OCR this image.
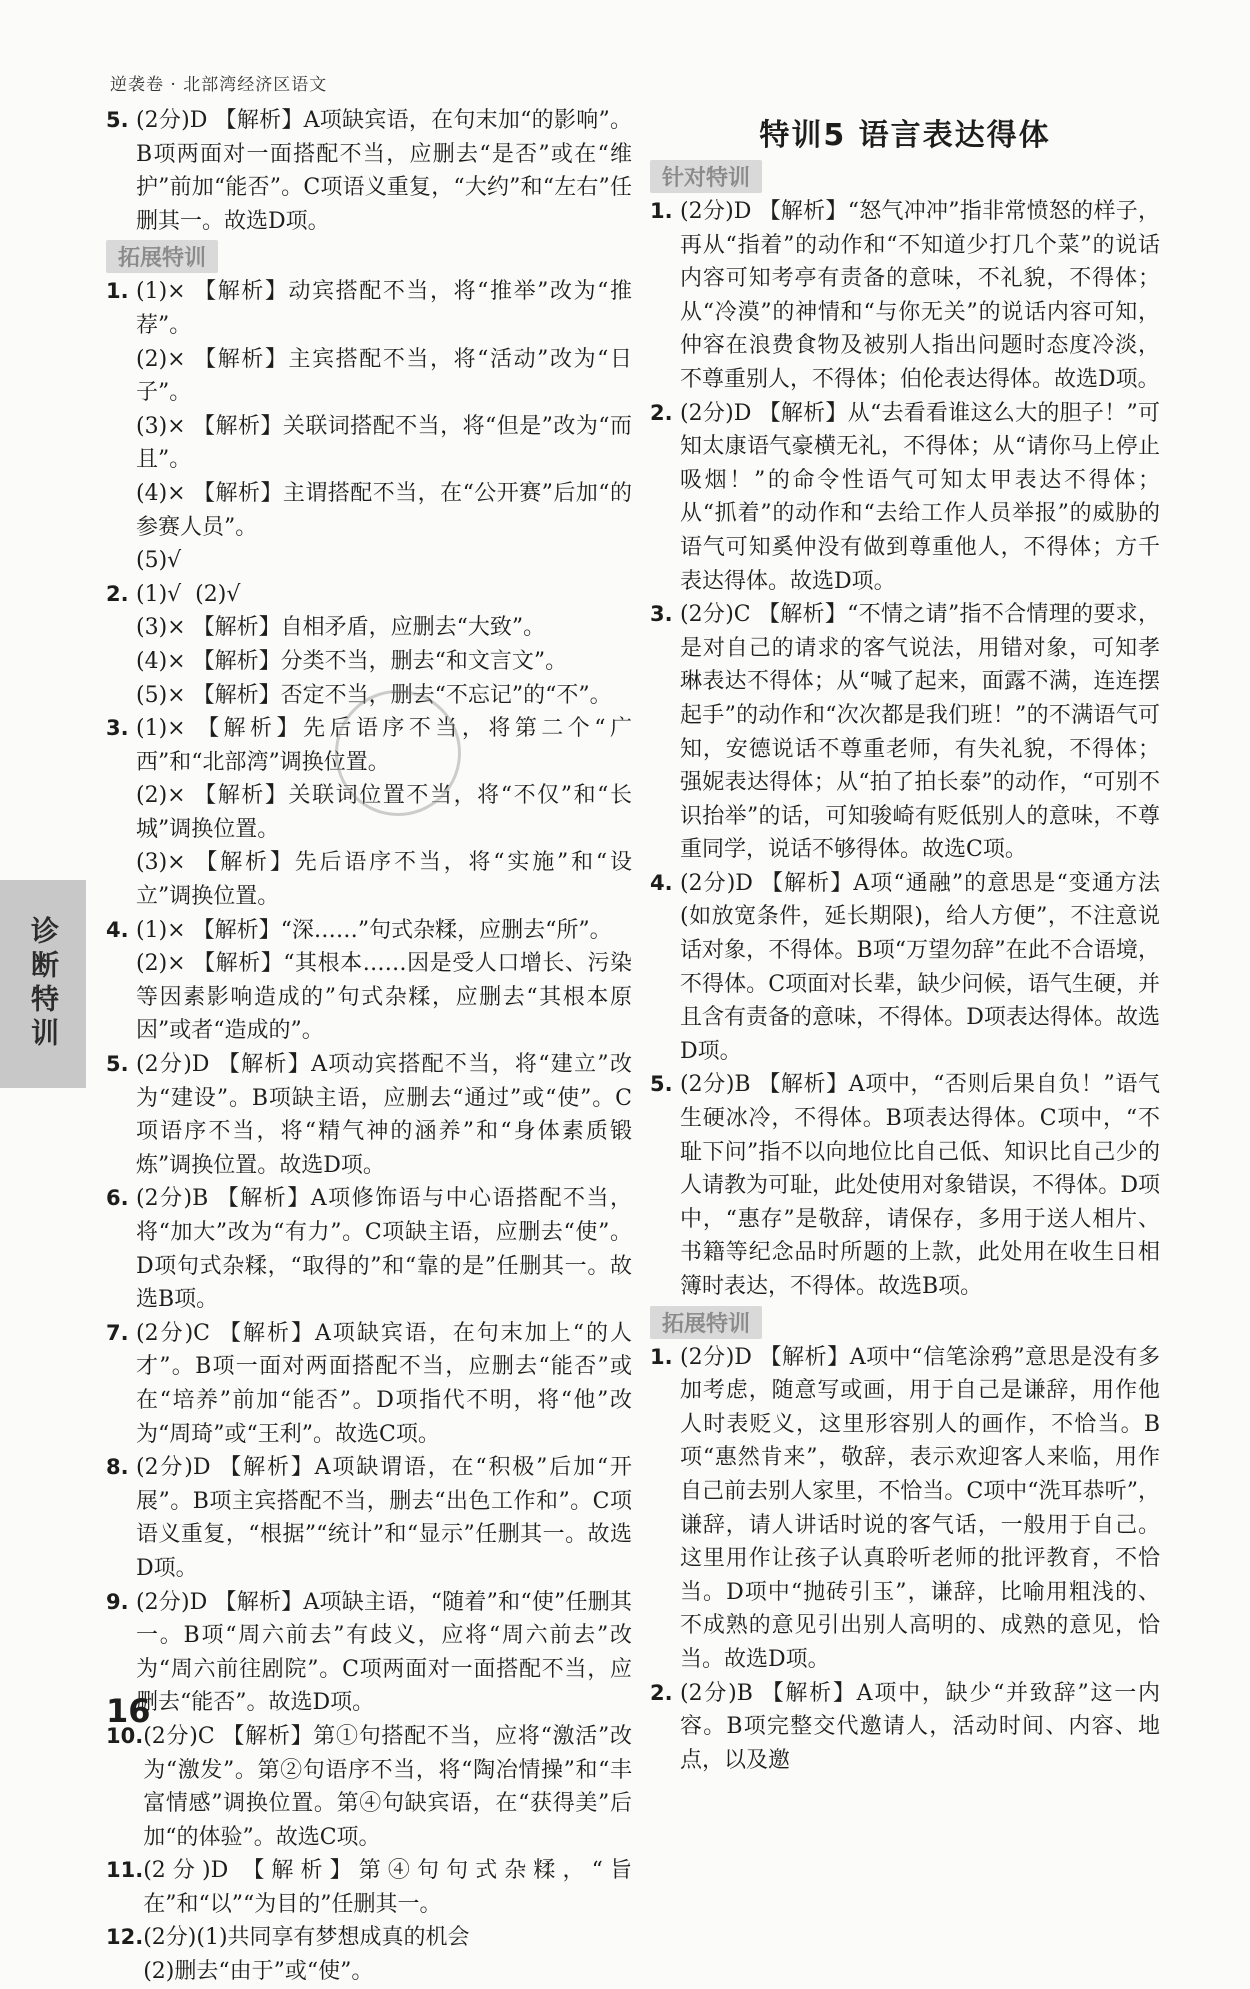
逆袭卷 · 北部湾经济区语文
5. (2分)D 【解析】A项缺宾语，在句末加“的影响”。B项两面对一面搭配不当，应删去“是否”或在“维护”前加“能否”。C项语义重复，“大约”和“左右”任删其一。故选D项。
拓展特训
1. (1)× 【解析】动宾搭配不当，将“推举”改为“推荐”。
(2)× 【解析】主宾搭配不当，将“活动”改为“日子”。
(3)× 【解析】关联词搭配不当，将“但是”改为“而且”。
(4)× 【解析】主谓搭配不当，在“公开赛”后加“的参赛人员”。
(5)√
2. (1)√  (2)√
(3)× 【解析】自相矛盾，应删去“大致”。
(4)× 【解析】分类不当，删去“和文言文”。
(5)× 【解析】否定不当，删去“不忘记”的“不”。
3. (1)× 【解析】先后语序不当，将第二个“广西”和“北部湾”调换位置。
(2)× 【解析】关联词位置不当，将“不仅”和“长城”调换位置。
(3)× 【解析】先后语序不当，将“实施”和“设立”调换位置。
4. (1)× 【解析】“深……”句式杂糅，应删去“所”。
(2)× 【解析】“其根本……因是受人口增长、污染等因素影响造成的”句式杂糅，应删去“其根本原因”或者“造成的”。
5. (2分)D 【解析】A项动宾搭配不当，将“建立”改为“建设”。B项缺主语，应删去“通过”或“使”。C项语序不当，将“精气神的涵养”和“身体素质锻炼”调换位置。故选D项。
6. (2分)B 【解析】A项修饰语与中心语搭配不当，将“加大”改为“有力”。C项缺主语，应删去“使”。D项句式杂糅，“取得的”和“靠的是”任删其一。故选B项。
7. (2分)C 【解析】A项缺宾语，在句末加上“的人才”。B项一面对两面搭配不当，应删去“能否”或在“培养”前加“能否”。D项指代不明，将“他”改为“周琦”或“王利”。故选C项。
8. (2分)D 【解析】A项缺谓语，在“积极”后加“开展”。B项主宾搭配不当，删去“出色工作和”。C项语义重复，“根据”“统计”和“显示”任删其一。故选D项。
9. (2分)D 【解析】A项缺主语，“随着”和“使”任删其一。B项“周六前去”有歧义，应将“周六前去”改为“周六前往剧院”。C项两面对一面搭配不当，应删去“能否”。故选D项。
10. (2分)C 【解析】第①句搭配不当，应将“激活”改为“激发”。第②句语序不当，将“陶冶情操”和“丰富情感”调换位置。第④句缺宾语，在“获得美”后加“的体验”。故选C项。
11. (2分)D 【解析】第④句句式杂糅，“旨在”和“以”“为目的”任删其一。
12. (2分)(1)共同享有梦想成真的机会
(2)删去“由于”或“使”。
特训5 语言表达得体
针对特训
1. (2分)D 【解析】“怒气冲冲”指非常愤怒的样子，再从“指着”的动作和“不知道少打几个菜”的说话内容可知考亭有责备的意味，不礼貌，不得体；从“冷漠”的神情和“与你无关”的说话内容可知，仲容在浪费食物及被别人指出问题时态度冷淡，不尊重别人，不得体；伯伦表达得体。故选D项。
2. (2分)D 【解析】从“去看看谁这么大的胆子！”可知太康语气豪横无礼，不得体；从“请你马上停止吸烟！”的命令性语气可知太甲表达不得体；从“抓着”的动作和“去给工作人员举报”的威胁的语气可知奚仲没有做到尊重他人，不得体；方千表达得体。故选D项。
3. (2分)C 【解析】“不情之请”指不合情理的要求，是对自己的请求的客气说法，用错对象，可知孝琳表达不得体；从“喊了起来，面露不满，连连摆起手”的动作和“次次都是我们班！”的不满语气可知，安德说话不尊重老师，有失礼貌，不得体；强妮表达得体；从“拍了拍长泰”的动作，“可别不识抬举”的话，可知骏崎有贬低别人的意味，不尊重同学，说话不够得体。故选C项。
4. (2分)D 【解析】A项“通融”的意思是“变通方法(如放宽条件，延长期限)，给人方便”，不注意说话对象，不得体。B项“万望勿辞”在此不合语境，不得体。C项面对长辈，缺少问候，语气生硬，并且含有责备的意味，不得体。D项表达得体。故选D项。
5. (2分)B 【解析】A项中，“否则后果自负！”语气生硬冰冷，不得体。B项表达得体。C项中，“不耻下问”指不以向地位比自己低、知识比自己少的人请教为可耻，此处使用对象错误，不得体。D项中，“惠存”是敬辞，请保存，多用于送人相片、书籍等纪念品时所题的上款，此处用在收生日相簿时表达，不得体。故选B项。
拓展特训
1. (2分)D 【解析】A项中“信笔涂鸦”意思是没有多加考虑，随意写或画，用于自己是谦辞，用作他人时表贬义，这里形容别人的画作，不恰当。B项“惠然肯来”，敬辞，表示欢迎客人来临，用作自己前去别人家里，不恰当。C项中“洗耳恭听”，谦辞，请人讲话时说的客气话，一般用于自己。这里用作让孩子认真聆听老师的批评教育，不恰当。D项中“抛砖引玉”，谦辞，比喻用粗浅的、不成熟的意见引出别人高明的、成熟的意见，恰当。故选D项。
2. (2分)B 【解析】A项中，缺少“并致辞”这一内容。B项完整交代邀请人，活动时间、内容、地点，以及邀
诊断特训
16
